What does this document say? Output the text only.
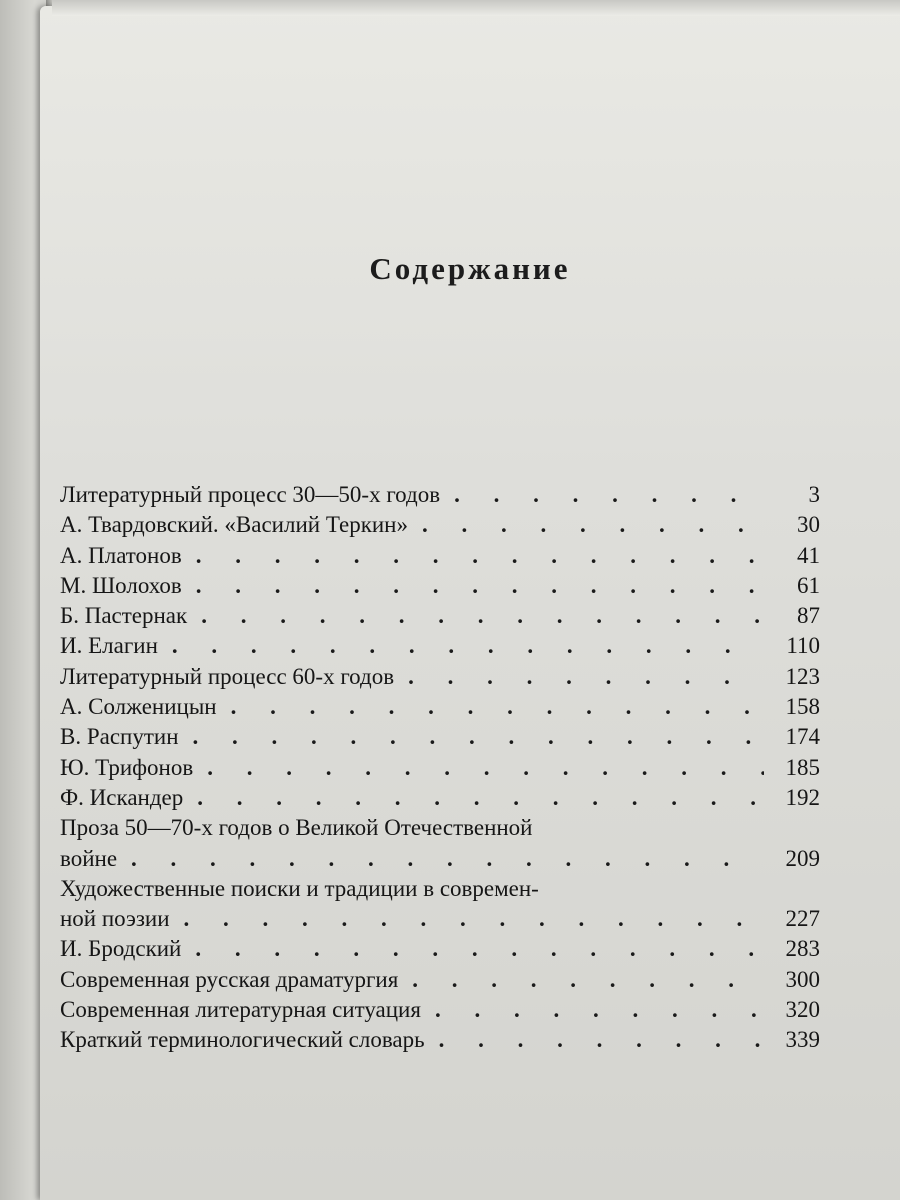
Содержание
Литературный процесс 30—50-х годов . . .	3
А. Твардовский. «Василий Теркин» . . .	30
А. Платонов . . .	41
М. Шолохов . . .	61
Б. Пастернак . . .	87
И. Елагин . . .	110
Литературный процесс 60-х годов . . .	123
А. Солженицын . . .	158
В. Распутин . . .	174
Ю. Трифонов . . .	185
Ф. Искандер . . .	192
Проза 50—70-х годов о Великой Отечественной
войне . . .	209
Художественные поиски и традиции в современ-
ной поэзии . . .	227
И. Бродский . . .	283
Современная русская драматургия . . .	300
Современная литературная ситуация . . .	320
Краткий терминологический словарь . . .	339
